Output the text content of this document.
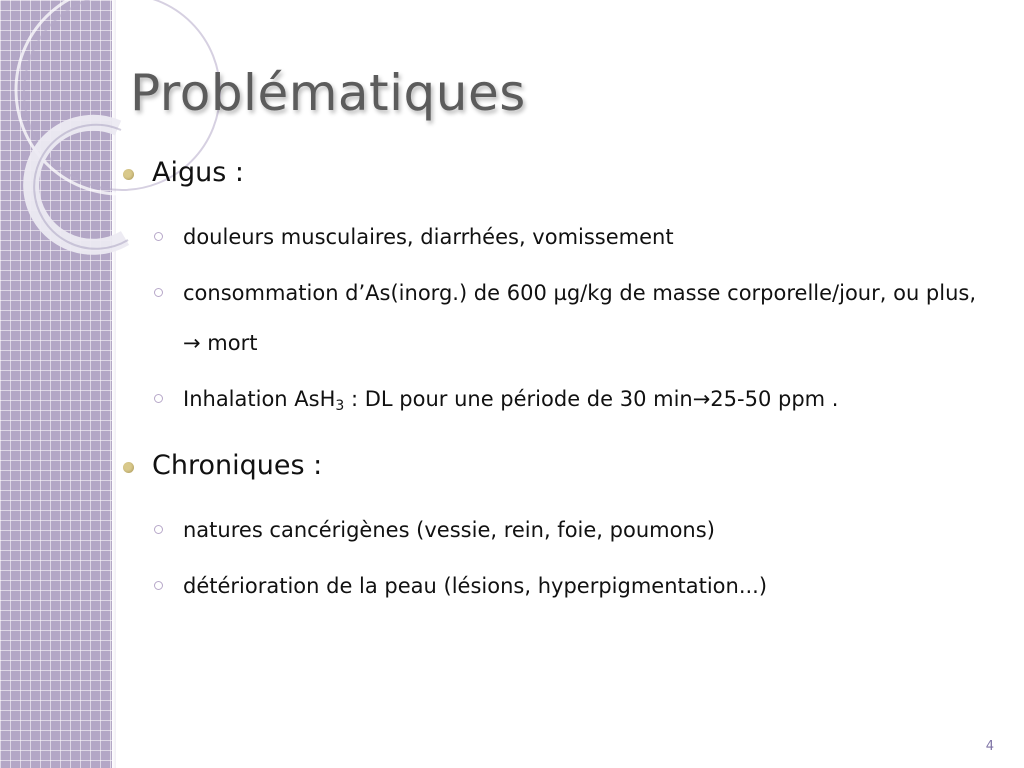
Problématiques
Aigus :
douleurs musculaires, diarrhées, vomissement
consommation d’As(inorg.) de 600 µg/kg de masse corporelle/jour, ou plus, → mort
Inhalation AsH$_3$ : DL pour une période de 30 min→25-50 ppm .
Chroniques :
natures cancérigènes (vessie, rein, foie, poumons)
détérioration de la peau (lésions, hyperpigmentation...)
4
